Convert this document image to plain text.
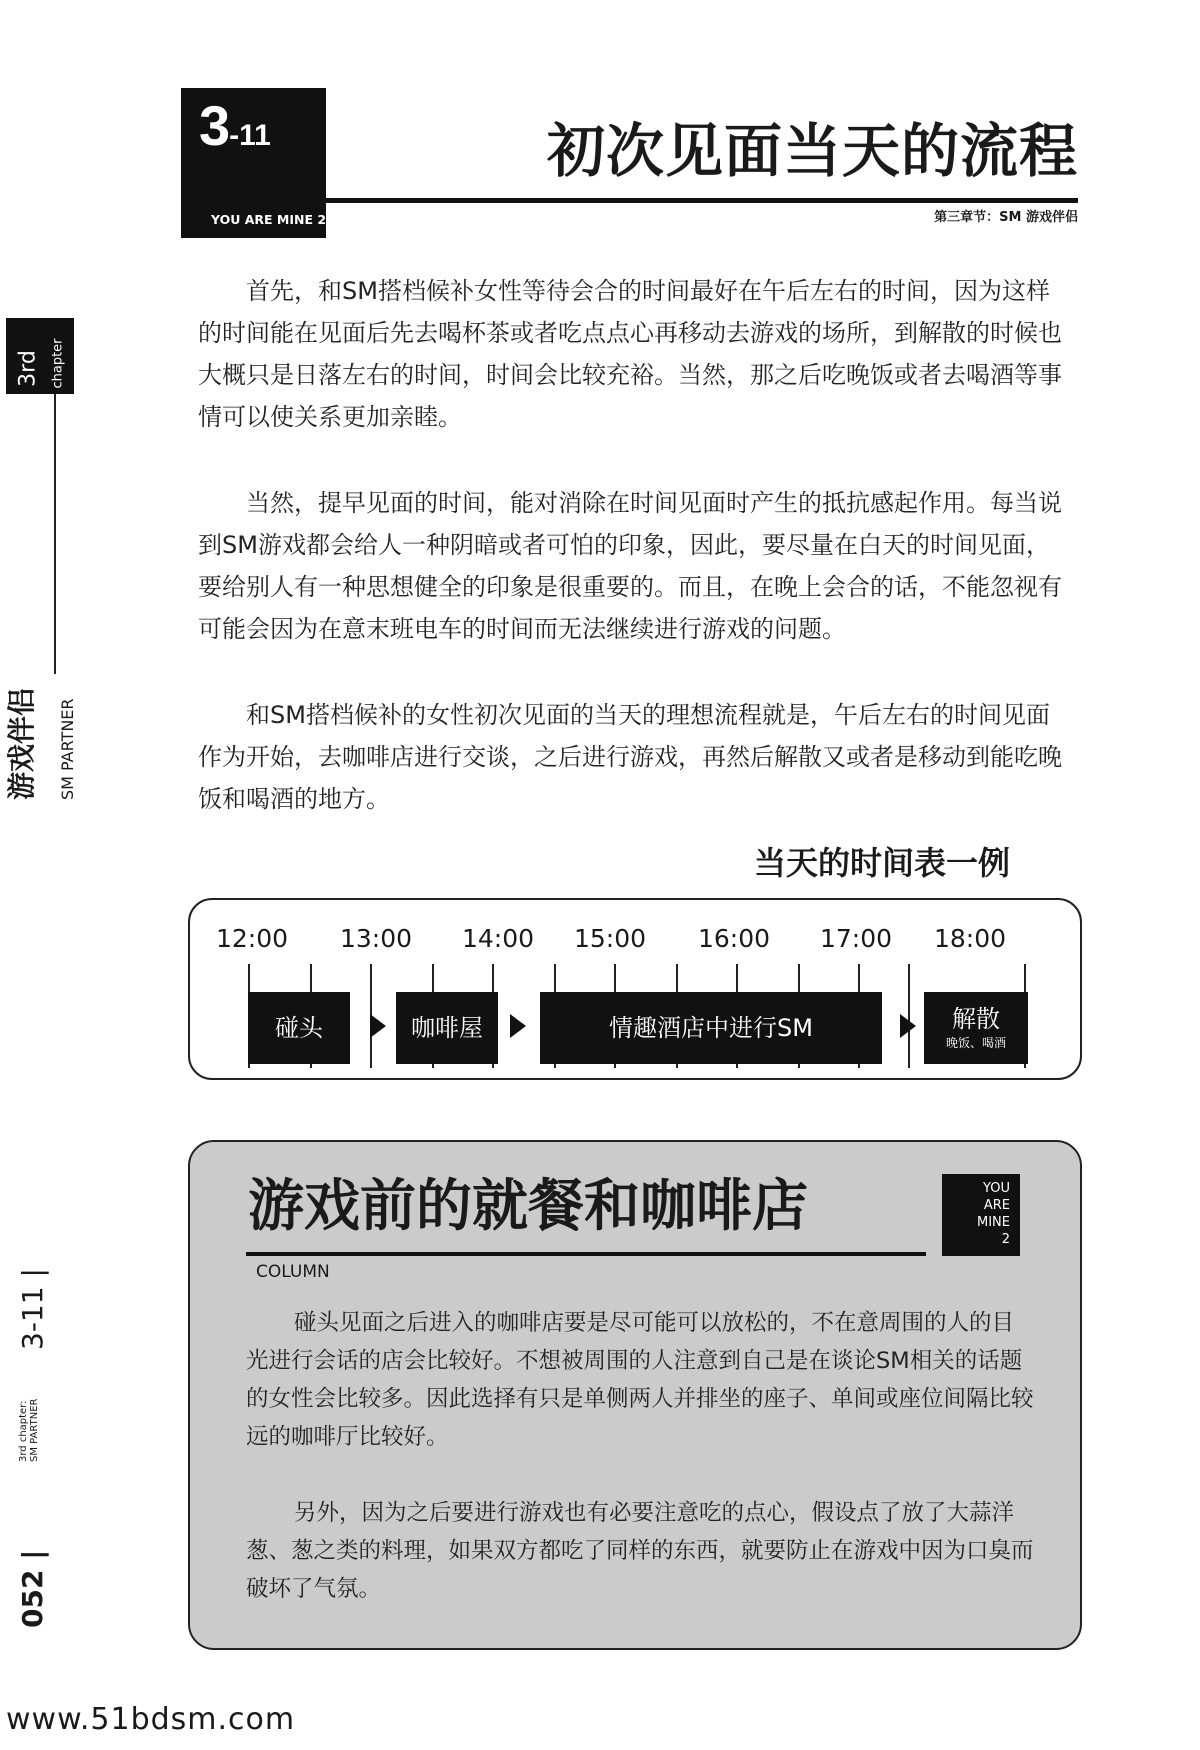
3-11
YOU ARE MINE 2
初次见面当天的流程
第三章节：SM 游戏伴侣
3rd chapter
游戏伴侣 SM PARTNER
3-11 |
3rd chapter: SM PARTNER
052 |

首先，和SM搭档候补女性等待会合的时间最好在午后左右的时间，因为这样的时间能在见面后先去喝杯茶或者吃点点心再移动去游戏的场所，到解散的时候也大概只是日落左右的时间，时间会比较充裕。当然，那之后吃晚饭或者去喝酒等事情可以使关系更加亲睦。

当然，提早见面的时间，能对消除在时间见面时产生的抵抗感起作用。每当说到SM游戏都会给人一种阴暗或者可怕的印象，因此，要尽量在白天的时间见面，要给别人有一种思想健全的印象是很重要的。而且，在晚上会合的话，不能忽视有可能会因为在意末班电车的时间而无法继续进行游戏的问题。

和SM搭档候补的女性初次见面的当天的理想流程就是，午后左右的时间见面作为开始，去咖啡店进行交谈，之后进行游戏，再然后解散又或者是移动到能吃晚饭和喝酒的地方。

当天的时间表一例
12:00 13:00 14:00 15:00 16:00 17:00 18:00
碰头	咖啡屋	情趣酒店中进行SM	解散
晚饭、喝酒
游戏前的就餐和咖啡店
COLUMN
YOU
ARE
MINE
2

碰头见面之后进入的咖啡店要是尽可能可以放松的，不在意周围的人的目光进行会话的店会比较好。不想被周围的人注意到自己是在谈论SM相关的话题的女性会比较多。因此选择有只是单侧两人并排坐的座子、单间或座位间隔比较远的咖啡厅比较好。

另外，因为之后要进行游戏也有必要注意吃的点心，假设点了放了大蒜洋葱、葱之类的料理，如果双方都吃了同样的东西，就要防止在游戏中因为口臭而破坏了气氛。

www.51bdsm.com
